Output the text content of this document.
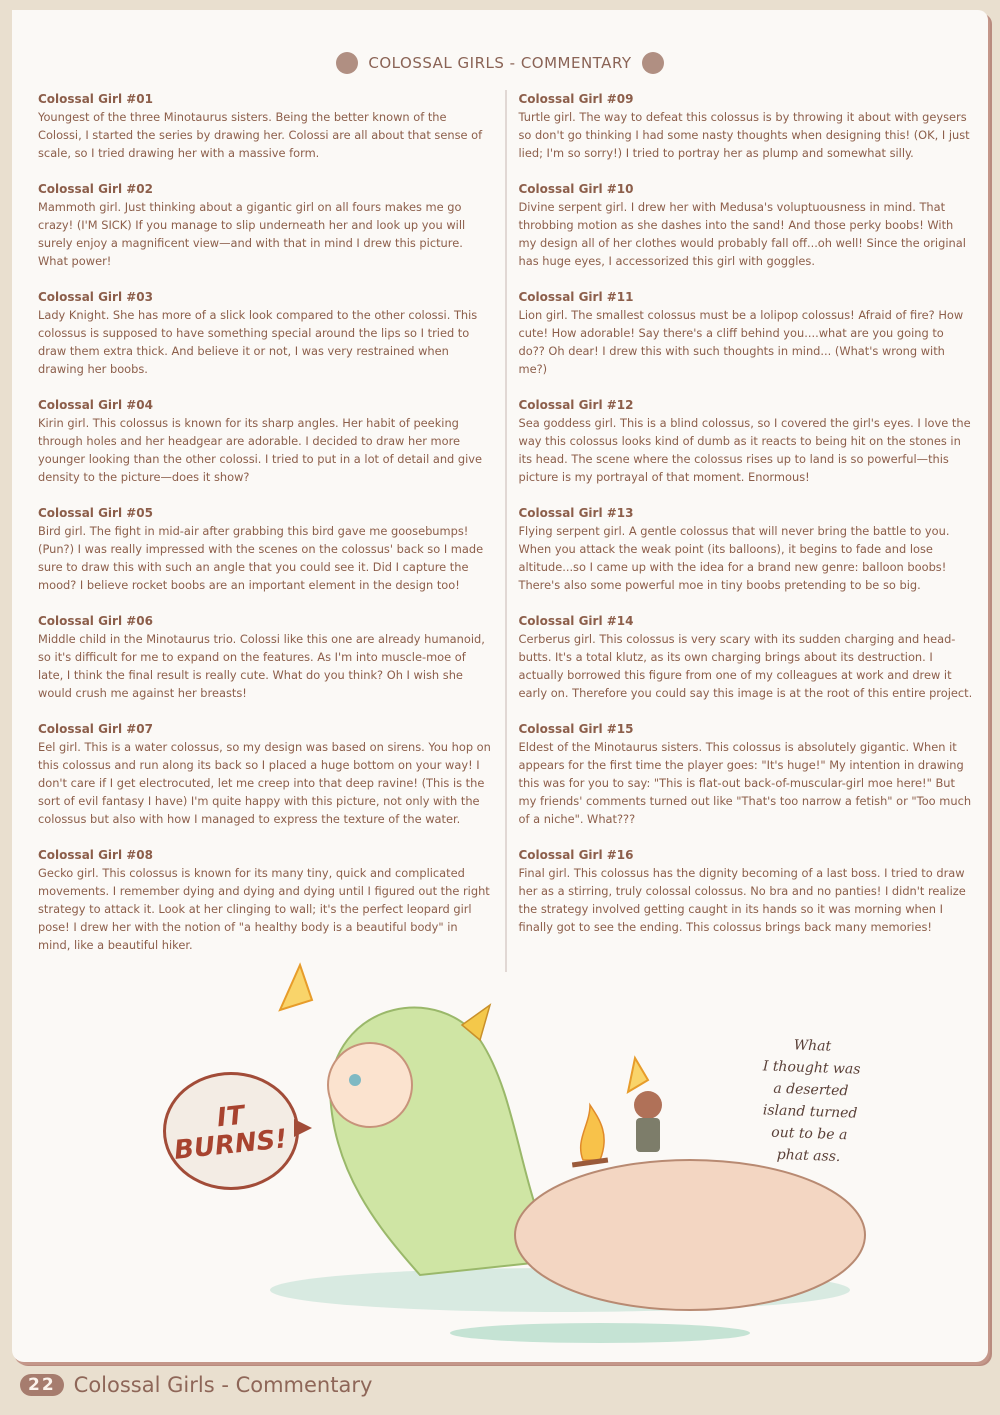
COLOSSAL GIRLS - COMMENTARY
Colossal Girl #01

Youngest of the three Minotaurus sisters. Being the better known of the Colossi, I started the series by drawing her. Colossi are all about that sense of scale, so I tried drawing her with a massive form.

Colossal Girl #02

Mammoth girl. Just thinking about a gigantic girl on all fours makes me go crazy! (I'M SICK) If you manage to slip underneath her and look up you will surely enjoy a magnificent view—and with that in mind I drew this picture. What power!

Colossal Girl #03

Lady Knight. She has more of a slick look compared to the other colossi. This colossus is supposed to have something special around the lips so I tried to draw them extra thick. And believe it or not, I was very restrained when drawing her boobs.

Colossal Girl #04

Kirin girl. This colossus is known for its sharp angles. Her habit of peeking through holes and her headgear are adorable. I decided to draw her more younger looking than the other colossi. I tried to put in a lot of detail and give density to the picture—does it show?

Colossal Girl #05

Bird girl. The fight in mid-air after grabbing this bird gave me goosebumps! (Pun?) I was really impressed with the scenes on the colossus' back so I made sure to draw this with such an angle that you could see it. Did I capture the mood? I believe rocket boobs are an important element in the design too!

Colossal Girl #06

Middle child in the Minotaurus trio. Colossi like this one are already humanoid, so it's difficult for me to expand on the features. As I'm into muscle-moe of late, I think the final result is really cute. What do you think? Oh I wish she would crush me against her breasts!

Colossal Girl #07

Eel girl. This is a water colossus, so my design was based on sirens. You hop on this colossus and run along its back so I placed a huge bottom on your way! I don't care if I get electrocuted, let me creep into that deep ravine! (This is the sort of evil fantasy I have) I'm quite happy with this picture, not only with the colossus but also with how I managed to express the texture of the water.

Colossal Girl #08

Gecko girl. This colossus is known for its many tiny, quick and complicated movements. I remember dying and dying and dying until I figured out the right strategy to attack it. Look at her clinging to wall; it's the perfect leopard girl pose! I drew her with the notion of "a healthy body is a beautiful body" in mind, like a beautiful hiker.

Colossal Girl #09

Turtle girl. The way to defeat this colossus is by throwing it about with geysers so don't go thinking I had some nasty thoughts when designing this! (OK, I just lied; I'm so sorry!) I tried to portray her as plump and somewhat silly.

Colossal Girl #10

Divine serpent girl. I drew her with Medusa's voluptuousness in mind. That throbbing motion as she dashes into the sand! And those perky boobs! With my design all of her clothes would probably fall off...oh well! Since the original has huge eyes, I accessorized this girl with goggles.

Colossal Girl #11

Lion girl. The smallest colossus must be a lolipop colossus! Afraid of fire? How cute! How adorable! Say there's a cliff behind you....what are you going to do?? Oh dear! I drew this with such thoughts in mind... (What's wrong with me?)

Colossal Girl #12

Sea goddess girl. This is a blind colossus, so I covered the girl's eyes. I love the way this colossus looks kind of dumb as it reacts to being hit on the stones in its head. The scene where the colossus rises up to land is so powerful—this picture is my portrayal of that moment. Enormous!

Colossal Girl #13

Flying serpent girl. A gentle colossus that will never bring the battle to you. When you attack the weak point (its balloons), it begins to fade and lose altitude...so I came up with the idea for a brand new genre: balloon boobs! There's also some powerful moe in tiny boobs pretending to be so big.

Colossal Girl #14

Cerberus girl. This colossus is very scary with its sudden charging and head-butts. It's a total klutz, as its own charging brings about its destruction. I actually borrowed this figure from one of my colleagues at work and drew it early on. Therefore you could say this image is at the root of this entire project.

Colossal Girl #15

Eldest of the Minotaurus sisters. This colossus is absolutely gigantic. When it appears for the first time the player goes: "It's huge!" My intention in drawing this was for you to say: "This is flat-out back-of-muscular-girl moe here!" But my friends' comments turned out like "That's too narrow a fetish" or "Too much of a niche". What???

Colossal Girl #16

Final girl. This colossus has the dignity becoming of a last boss. I tried to draw her as a stirring, truly colossal colossus. No bra and no panties! I didn't realize the strategy involved getting caught in its hands so it was morning when I finally got to see the ending. This colossus brings back many memories!

IT
BURNS!
What
I thought was
a deserted
island turned
out to be a
phat ass.
22 Colossal Girls - Commentary
